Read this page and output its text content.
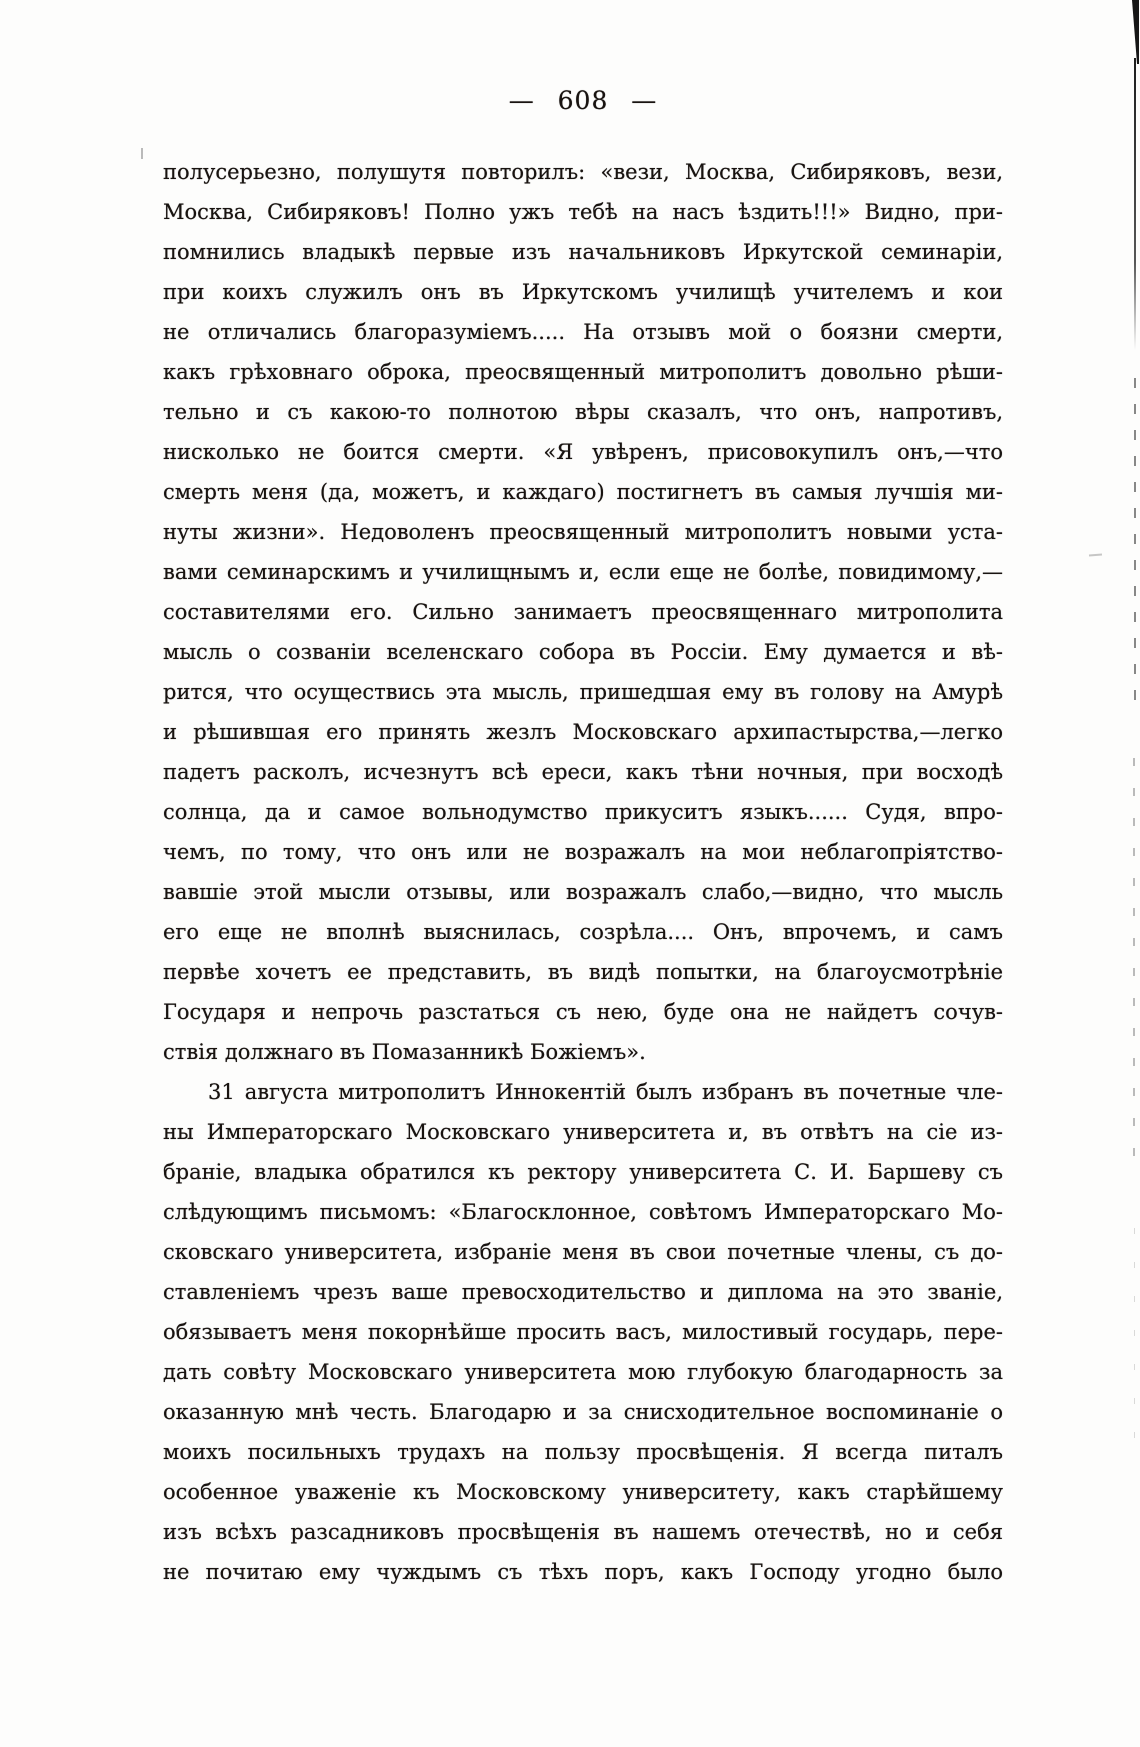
— 608 —
полусерьезно, полушутя повторилъ: «вези, Москва, Сибиряковъ, вези,
Москва, Сибиряковъ! Полно ужъ тебѣ на насъ ѣздить!!!» Видно, при-
помнились владыкѣ первые изъ начальниковъ Иркутской семинаріи,
при коихъ служилъ онъ въ Иркутскомъ училищѣ учителемъ и кои
не отличались благоразуміемъ..... На отзывъ мой о боязни смерти,
какъ грѣховнаго оброка, преосвященный митрополитъ довольно рѣши-
тельно и съ какою-то полнотою вѣры сказалъ, что онъ, напротивъ,
нисколько не боится смерти. «Я увѣренъ, присовокупилъ онъ,—что
смерть меня (да, можетъ, и каждаго) постигнетъ въ самыя лучшія ми-
нуты жизни». Недоволенъ преосвященный митрополитъ новыми уста-
вами семинарскимъ и училищнымъ и, если еще не болѣе, повидимому,—
составителями его. Сильно занимаетъ преосвященнаго митрополита
мысль о созваніи вселенскаго собора въ Россіи. Ему думается и вѣ-
рится, что осуществись эта мысль, пришедшая ему въ голову на Амурѣ
и рѣшившая его принять жезлъ Московскаго архипастырства,—легко
падетъ расколъ, исчезнутъ всѣ ереси, какъ тѣни ночныя, при восходѣ
солнца, да и самое вольнодумство прикуситъ языкъ...... Судя, впро-
чемъ, по тому, что онъ или не возражалъ на мои неблагопріятство-
вавшіе этой мысли отзывы, или возражалъ слабо,—видно, что мысль
его еще не вполнѣ выяснилась, созрѣла.... Онъ, впрочемъ, и самъ
первѣе хочетъ ее представить, въ видѣ попытки, на благоусмотрѣніе
Государя и непрочь разстаться съ нею, буде она не найдетъ сочув-
ствія должнаго въ Помазанникѣ Божіемъ».
31 августа митрополитъ Иннокентій былъ избранъ въ почетные чле-
ны Императорскаго Московскаго университета и, въ отвѣтъ на сіе из-
браніе, владыка обратился къ ректору университета С. И. Баршеву съ
слѣдующимъ письмомъ: «Благосклонное, совѣтомъ Императорскаго Мо-
сковскаго университета, избраніе меня въ свои почетные члены, съ до-
ставленіемъ чрезъ ваше превосходительство и диплома на это званіе,
обязываетъ меня покорнѣйше просить васъ, милостивый государь, пере-
дать совѣту Московскаго университета мою глубокую благодарность за
оказанную мнѣ честь. Благодарю и за снисходительное воспоминаніе о
моихъ посильныхъ трудахъ на пользу просвѣщенія. Я всегда питалъ
особенное уваженіе къ Московскому университету, какъ старѣйшему
изъ всѣхъ разсадниковъ просвѣщенія въ нашемъ отечествѣ, но и себя
не почитаю ему чуждымъ съ тѣхъ поръ, какъ Господу угодно было
